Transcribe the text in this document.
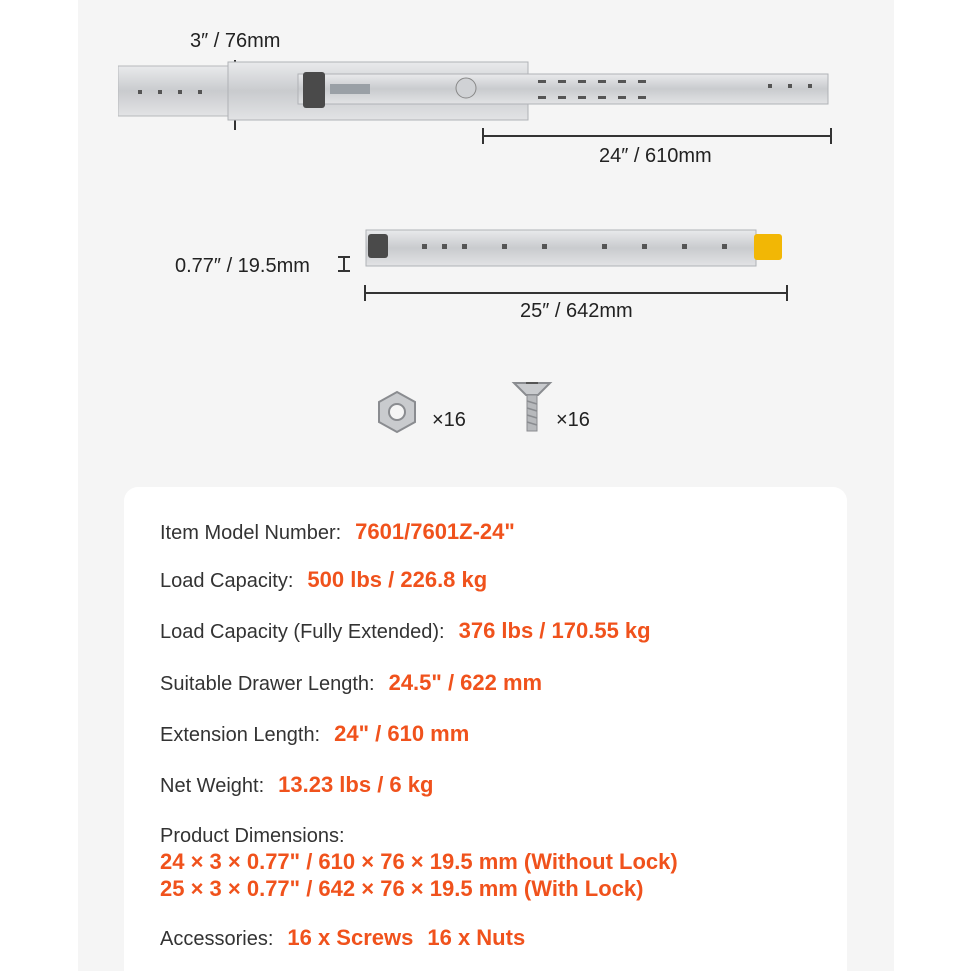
3″ / 76mm
24″ / 610mm
0.77″ / 19.5mm
25″ / 642mm
×16	×16
Item Model Number: 7601/7601Z-24"
Load Capacity: 500 lbs / 226.8 kg
Load Capacity (Fully Extended): 376 lbs / 170.55 kg
Suitable Drawer Length: 24.5" / 622 mm
Extension Length: 24" / 610 mm
Net Weight: 13.23 lbs / 6 kg
Product Dimensions:
24 × 3 × 0.77" / 610 × 76 × 19.5 mm (Without Lock)
25 × 3 × 0.77" / 642 × 76 × 19.5 mm (With Lock)
Accessories: 16 x Screws 16 x Nuts
